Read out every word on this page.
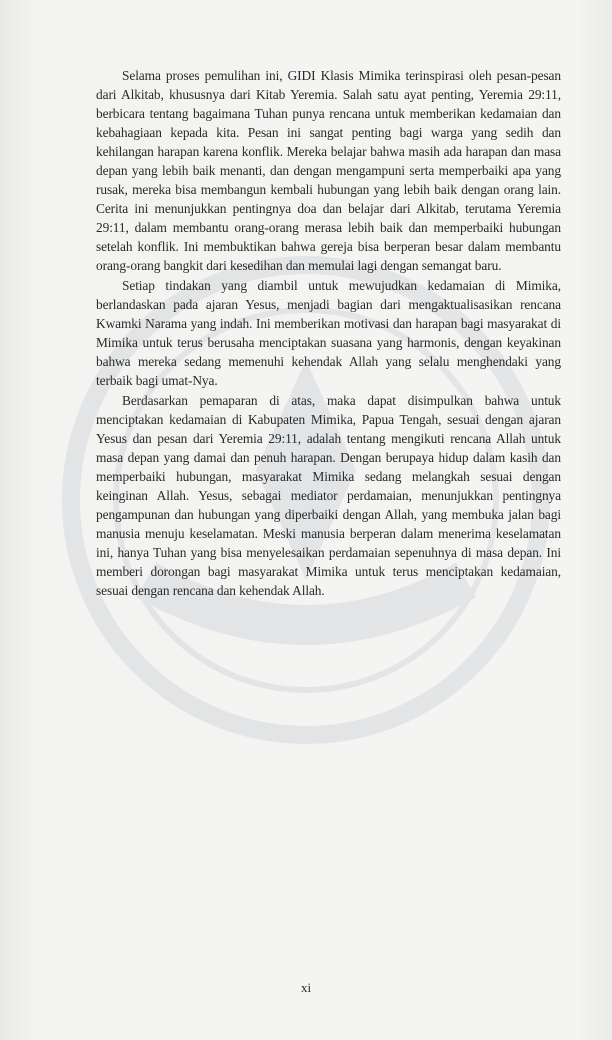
Selama proses pemulihan ini, GIDI Klasis Mimika terinspirasi oleh pesan-pesan dari Alkitab, khususnya dari Kitab Yeremia. Salah satu ayat penting, Yeremia 29:11, berbicara tentang bagaimana Tuhan punya rencana untuk memberikan kedamaian dan kebahagiaan kepada kita. Pesan ini sangat penting bagi warga yang sedih dan kehilangan harapan karena konflik. Mereka belajar bahwa masih ada harapan dan masa depan yang lebih baik menanti, dan dengan mengampuni serta memperbaiki apa yang rusak, mereka bisa membangun kembali hubungan yang lebih baik dengan orang lain. Cerita ini menunjukkan pentingnya doa dan belajar dari Alkitab, terutama Yeremia 29:11, dalam membantu orang-orang merasa lebih baik dan memperbaiki hubungan setelah konflik. Ini membuktikan bahwa gereja bisa berperan besar dalam membantu orang-orang bangkit dari kesedihan dan memulai lagi dengan semangat baru.

Setiap tindakan yang diambil untuk mewujudkan kedamaian di Mimika, berlandaskan pada ajaran Yesus, menjadi bagian dari mengaktualisasikan rencana Kwamki Narama yang indah. Ini memberikan motivasi dan harapan bagi masyarakat di Mimika untuk terus berusaha menciptakan suasana yang harmonis, dengan keyakinan bahwa mereka sedang memenuhi kehendak Allah yang selalu menghendaki yang terbaik bagi umat-Nya.

Berdasarkan pemaparan di atas, maka dapat disimpulkan bahwa untuk menciptakan kedamaian di Kabupaten Mimika, Papua Tengah, sesuai dengan ajaran Yesus dan pesan dari Yeremia 29:11, adalah tentang mengikuti rencana Allah untuk masa depan yang damai dan penuh harapan. Dengan berupaya hidup dalam kasih dan memperbaiki hubungan, masyarakat Mimika sedang melangkah sesuai dengan keinginan Allah. Yesus, sebagai mediator perdamaian, menunjukkan pentingnya pengampunan dan hubungan yang diperbaiki dengan Allah, yang membuka jalan bagi manusia menuju keselamatan. Meski manusia berperan dalam menerima keselamatan ini, hanya Tuhan yang bisa menyelesaikan perdamaian sepenuhnya di masa depan. Ini memberi dorongan bagi masyarakat Mimika untuk terus menciptakan kedamaian, sesuai dengan rencana dan kehendak Allah.

xi
